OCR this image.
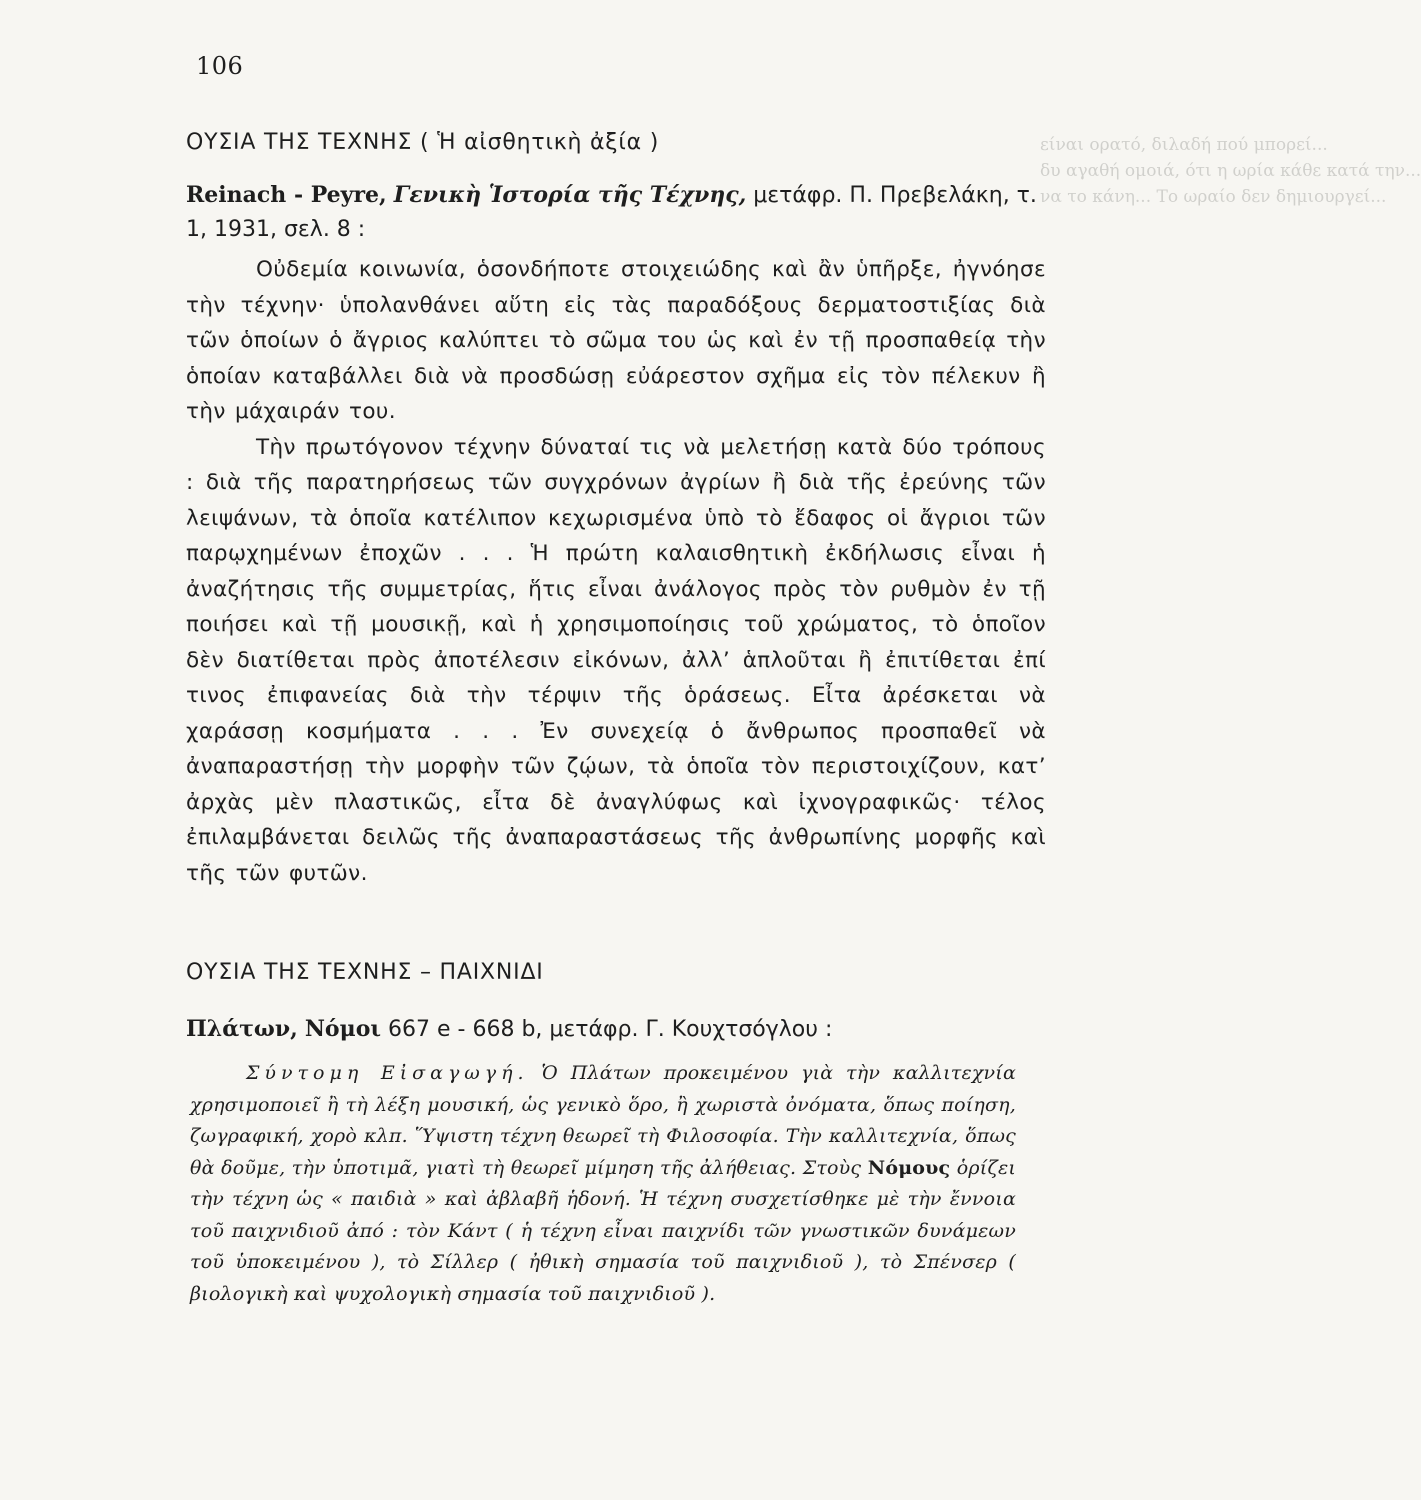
είναι ορατό, διλαδή πού μπορεί...
δυ αγαθή ομοιά, ότι η ωρία κάθε κατά την...
να το κάνη... Το ωραίο δεν δημιουργεί...
106
ΟΥΣΙΑ ΤΗΣ ΤΕΧΝΗΣ ( Ἡ αἰσθητικὴ ἀξία )
Reinach - Peyre, Γενικὴ Ἱστορία τῆς Τέχνης, μετάφρ. Π. Πρεβελάκη, τ. 1, 1931, σελ. 8 :

Οὐδεμία κοινωνία, ὁσονδήποτε στοιχειώδης καὶ ἂν ὑπῆρξε, ἠγνόησε τὴν τέχνην· ὑπολανθάνει αὕτη εἰς τὰς παραδόξους δερματοστιξίας διὰ τῶν ὁποίων ὁ ἄγριος καλύπτει τὸ σῶμα του ὡς καὶ ἐν τῇ προσπαθείᾳ τὴν ὁποίαν καταβάλλει διὰ νὰ προσδώσῃ εὐάρεστον σχῆμα εἰς τὸν πέλεκυν ἢ τὴν μάχαιράν του.

Τὴν πρωτόγονον τέχνην δύναταί τις νὰ μελετήσῃ κατὰ δύο τρόπους : διὰ τῆς παρατηρήσεως τῶν συγχρόνων ἀγρίων ἢ διὰ τῆς ἐρεύνης τῶν λειψάνων, τὰ ὁποῖα κατέλιπον κεχωρισμένα ὑπὸ τὸ ἔδαφος οἱ ἄγριοι τῶν παρῳχημένων ἐποχῶν . . . Ἡ πρώτη καλαισθητικὴ ἐκδήλωσις εἶναι ἡ ἀναζήτησις τῆς συμμετρίας, ἥτις εἶναι ἀνάλογος πρὸς τὸν ρυθμὸν ἐν τῇ ποιήσει καὶ τῇ μουσικῇ, καὶ ἡ χρησιμοποίησις τοῦ χρώματος, τὸ ὁποῖον δὲν διατίθεται πρὸς ἀποτέλεσιν εἰκόνων, ἀλλ’ ἁπλοῦται ἢ ἐπιτίθεται ἐπί τινος ἐπιφανείας διὰ τὴν τέρψιν τῆς ὁράσεως. Εἶτα ἀρέσκεται νὰ χαράσσῃ κοσμήματα . . . Ἐν συνεχείᾳ ὁ ἄνθρωπος προσπαθεῖ νὰ ἀναπαραστήσῃ τὴν μορφὴν τῶν ζῴων, τὰ ὁποῖα τὸν περιστοιχίζουν, κατ’ ἀρχὰς μὲν πλαστικῶς, εἶτα δὲ ἀναγλύφως καὶ ἰχνογραφικῶς· τέλος ἐπιλαμβάνεται δειλῶς τῆς ἀναπαραστάσεως τῆς ἀνθρωπίνης μορφῆς καὶ τῆς τῶν φυτῶν.

ΟΥΣΙΑ ΤΗΣ ΤΕΧΝΗΣ – ΠΑΙΧΝΙΔΙ
Πλάτων, Νόμοι 667 e - 668 b, μετάφρ. Γ. Κουχτσόγλου :

Σύντομη Εἰσαγωγή. Ὁ Πλάτων προκειμένου γιὰ τὴν καλλιτεχνία χρησιμοποιεῖ ἢ τὴ λέξη μουσική, ὡς γενικὸ ὅρο, ἢ χωριστὰ ὀνόματα, ὅπως ποίηση, ζωγραφική, χορὸ κλπ. Ὕψιστη τέχνη θεωρεῖ τὴ Φιλοσοφία. Τὴν καλλιτεχνία, ὅπως θὰ δοῦμε, τὴν ὑποτιμᾶ, γιατὶ τὴ θεωρεῖ μίμηση τῆς ἀλήθειας. Στοὺς Νόμους ὁρίζει τὴν τέχνη ὡς « παιδιὰ » καὶ ἀβλαβῆ ἡδονή. Ἡ τέχνη συσχετίσθηκε μὲ τὴν ἔννοια τοῦ παιχνιδιοῦ ἀπό : τὸν Κάντ ( ἡ τέχνη εἶναι παιχνίδι τῶν γνωστικῶν δυνάμεων τοῦ ὑποκειμένου ), τὸ Σίλλερ ( ἠθικὴ σημασία τοῦ παιχνιδιοῦ ), τὸ Σπένσερ ( βιολογικὴ καὶ ψυχολογικὴ σημασία τοῦ παιχνιδιοῦ ).
